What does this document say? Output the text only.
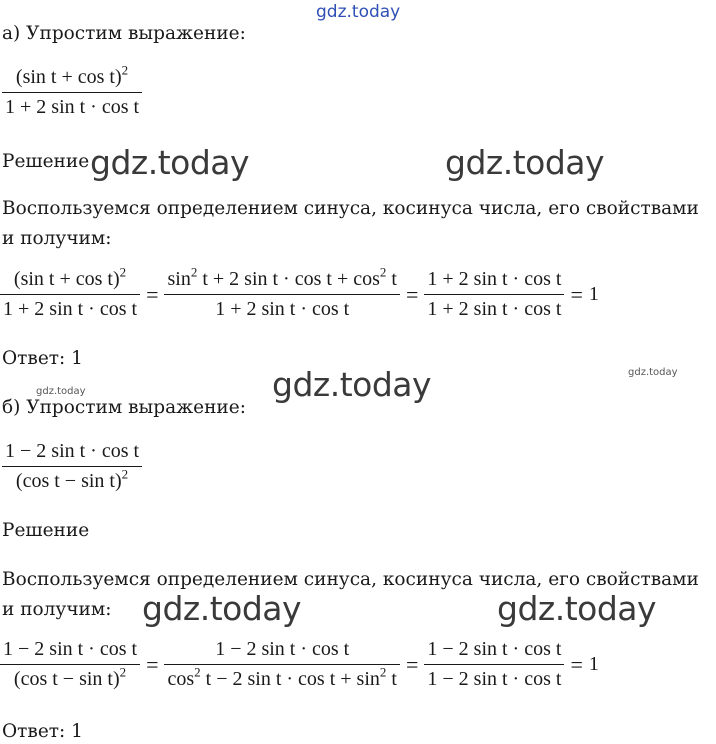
gdz.today
а) Упростим выражение:
$\frac{(\sin t + \cos t)^2}{\text{1 + 2 sin t · cos t}}$
Решение gdz.today	gdz.today
Воспользуемся определением синуса, косинуса числа, его свойствами и получим:
$\frac{(\sin t + \cos t)^2}{\text{1 + 2 sin t · cos t}} = \frac{\sin^2 t + 2 \sin t \cdot \cos t + \cos^2 t}{\text{1 + 2 sin t · cos t}} = \frac{\text{1 + 2 sin t · cos t}}{\text{1 + 2 sin t · cos t}} = 1$
Ответ: 1
gdz.today
gdz.today
gdz.today
б) Упростим выражение:
$\frac{\text{1 − 2 sin t · cos t}}{(\cos t - \sin t)^2}$
Решение
Воспользуемся определением синуса, косинуса числа, его свойствами и получим: gdz.today	gdz.today
$\frac{\text{1 − 2 sin t · cos t}}{(\cos t - \sin t)^2} = \frac{\text{1 − 2 sin t · cos t}}{\cos^2 t - 2 \sin t \cdot \cos t + \sin^2 t} = \frac{\text{1 − 2 sin t · cos t}}{\text{1 − 2 sin t · cos t}} = 1$
Ответ: 1
